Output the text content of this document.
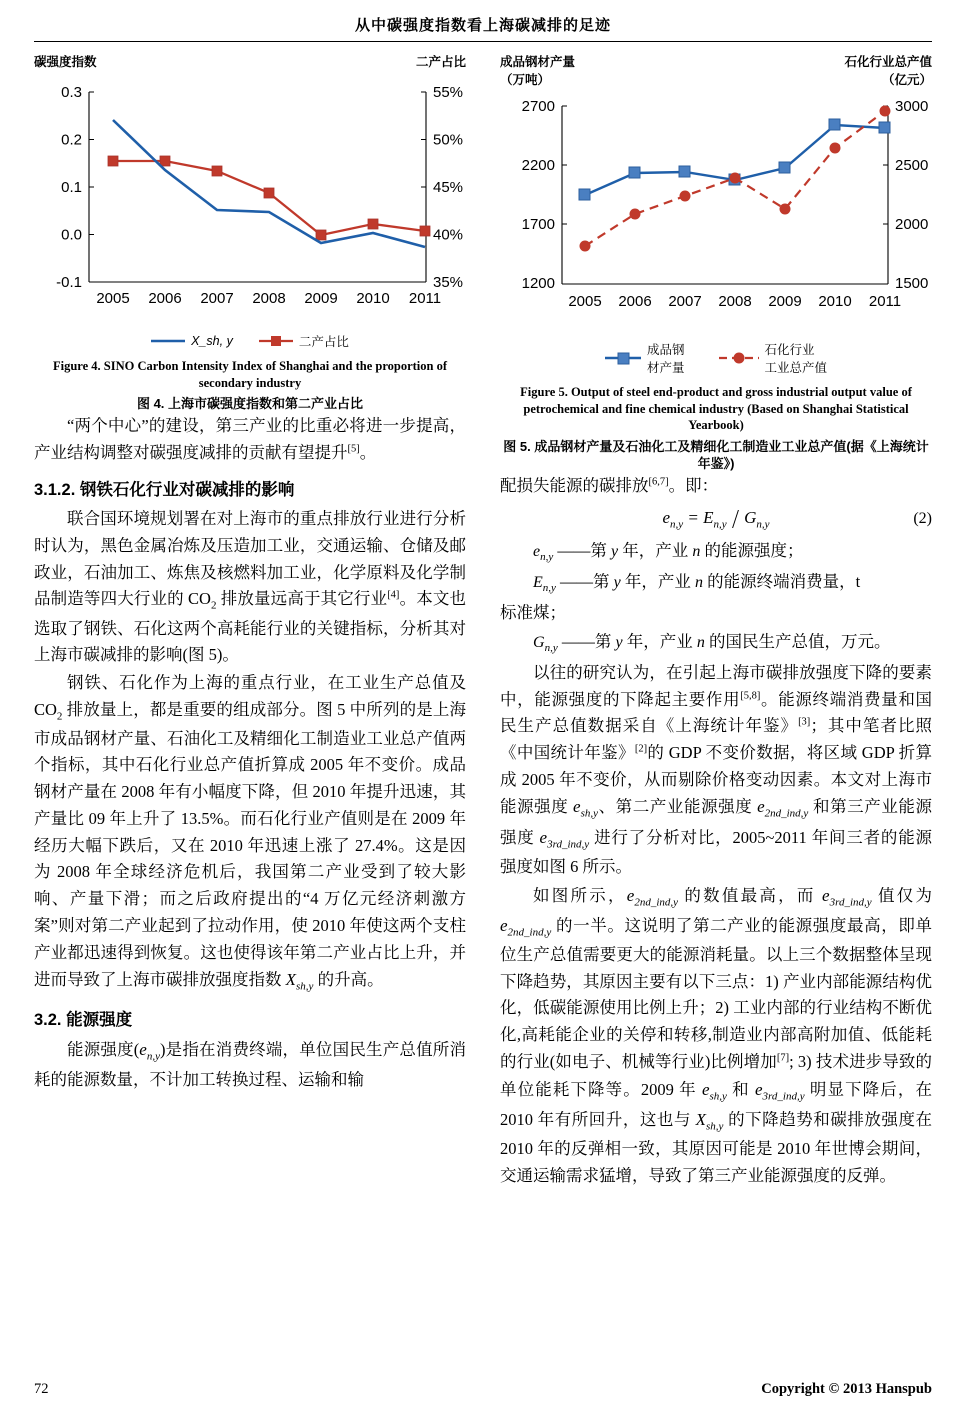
从中碳强度指数看上海碳减排的足迹
碳强度指数	二产占比
0.3
0.2
0.1
0.0
-0.1
55%
50%
45%
40%
35%
2005 2006 2007 2008 2009 2010 2011
X_sh, y	二产占比
Figure 4. SINO Carbon Intensity Index of Shanghai and the proportion of secondary industry
图 4. 上海市碳强度指数和第二产业占比

“两个中心”的建设，第三产业的比重必将进一步提高，产业结构调整对碳强度减排的贡献有望提升[5]。

3.1.2. 钢铁石化行业对碳减排的影响

联合国环境规划署在对上海市的重点排放行业进行分析时认为，黑色金属冶炼及压造加工业，交通运输、仓储及邮政业，石油加工、炼焦及核燃料加工业，化学原料及化学制品制造等四大行业的 $CO_2$ 排放量远高于其它行业[4]。本文也选取了钢铁、石化这两个高耗能行业的关键指标，分析其对上海市碳减排的影响(图 5)。

钢铁、石化作为上海的重点行业，在工业生产总值及 $CO_2$ 排放量上，都是重要的组成部分。图 5 中所列的是上海市成品钢材产量、石油化工及精细化工制造业工业总产值两个指标，其中石化行业总产值折算成 2005 年不变价。成品钢材产量在 2008 年有小幅度下降，但 2010 年提升迅速，其产量比 09 年上升了 13.5%。而石化行业产值则是在 2009 年经历大幅下跌后，又在 2010 年迅速上涨了 27.4%。这是因为 2008 年全球经济危机后，我国第二产业受到了较大影响、产量下滑；而之后政府提出的“4 万亿元经济刺激方案”则对第二产业起到了拉动作用，使 2010 年使这两个支柱产业都迅速得到恢复。这也使得该年第二产业占比上升，并进而导致了上海市碳排放强度指数 $X_{sh,y}$ 的升高。

3.2. 能源强度

能源强度$(e_{n,y})$是指在消费终端，单位国民生产总值所消耗的能源数量，不计加工转换过程、运输和输

成品钢材产量
（万吨）
石化行业总产值
（亿元）
2700
2200
1700
1200
3000
2500
2000
1500
2005 2006 2007 2008 2009 2010 2011
成品钢
材产量
石化行业
工业总产值
Figure 5. Output of steel end-product and gross industrial output value of petrochemical and fine chemical industry (Based on Shanghai Statistical Yearbook)
图 5. 成品钢材产量及石油化工及精细化工制造业工业总产值(据《上海统计年鉴》)

配损失能源的碳排放[6,7]。即：

$e_{n,y} = E_{n,y}$  $G_{n,y}$	(2)
$e_{n,y}$ ——第 y 年，产业 n 的能源强度；
$E_{n,y}$ ——第 y 年，产业 n 的能源终端消费量，t

标准煤；

$G_{n,y}$ ——第 y 年，产业 n 的国民生产总值，万元。

以往的研究认为，在引起上海市碳排放强度下降的要素中，能源强度的下降起主要作用[5,8]。能源终端消费量和国民生产总值数据采自《上海统计年鉴》[3]；其中笔者比照《中国统计年鉴》[2]的 GDP 不变价数据，将区域 GDP 折算成 2005 年不变价，从而剔除价格变动因素。本文对上海市能源强度 $e_{sh,y}$、第二产业能源强度 $e_{2nd\_ind,y}$ 和第三产业能源强度 $e_{3rd\_ind,y}$ 进行了分析对比，2005~2011 年间三者的能源强度如图 6 所示。

如图所示，$e_{2nd\_ind,y}$ 的数值最高，而 $e_{3rd\_ind,y}$ 值仅为 $e_{2nd\_ind,y}$ 的一半。这说明了第二产业的能源强度最高，即单位生产总值需要更大的能源消耗量。以上三个数据整体呈现下降趋势，其原因主要有以下三点：1) 产业内部能源结构优化，低碳能源使用比例上升；2) 工业内部的行业结构不断优化,高耗能企业的关停和转移,制造业内部高附加值、低能耗的行业(如电子、机械等行业)比例增加[7]; 3) 技术进步导致的单位能耗下降等。2009 年 $e_{sh,y}$ 和 $e_{3rd\_ind,y}$ 明显下降后，在 2010 年有所回升，这也与 $X_{sh,y}$ 的下降趋势和碳排放强度在 2010 年的反弹相一致，其原因可能是 2010 年世博会期间，交通运输需求猛增，导致了第三产业能源强度的反弹。

72	Copyright © 2013 Hanspub
